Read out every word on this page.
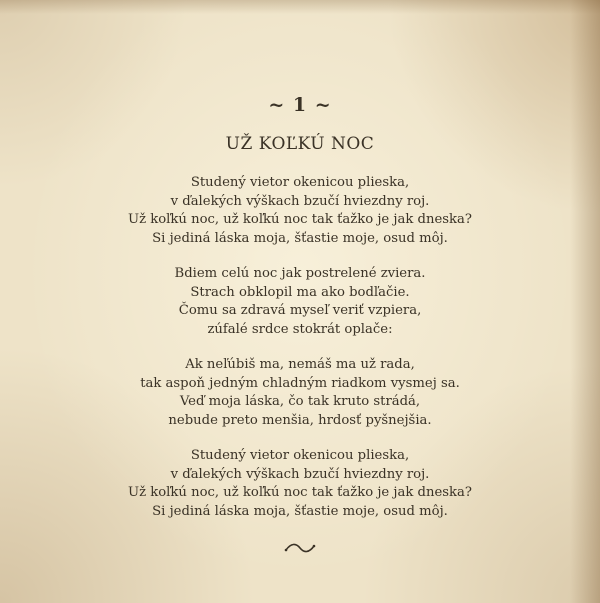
~ 1 ~
UŽ KOĽKÚ NOC
Studený vietor okenicou plieska,
v ďalekých výškach bzučí hviezdny roj.
Už koľkú noc, už koľkú noc tak ťažko je jak dneska?
Si jediná láska moja, šťastie moje, osud môj.
Bdiem celú noc jak postrelené zviera.
Strach obklopil ma ako bodľačie.
Čomu sa zdravá myseľ veriť vzpiera,
zúfalé srdce stokrát oplače:
Ak neľúbiš ma, nemáš ma už rada,
tak aspoň jedným chladným riadkom vysmej sa.
Veď moja láska, čo tak kruto strádá,
nebude preto menšia, hrdosť pyšnejšia.
Studený vietor okenicou plieska,
v ďalekých výškach bzučí hviezdny roj.
Už koľkú noc, už koľkú noc tak ťažko je jak dneska?
Si jediná láska moja, šťastie moje, osud môj.
